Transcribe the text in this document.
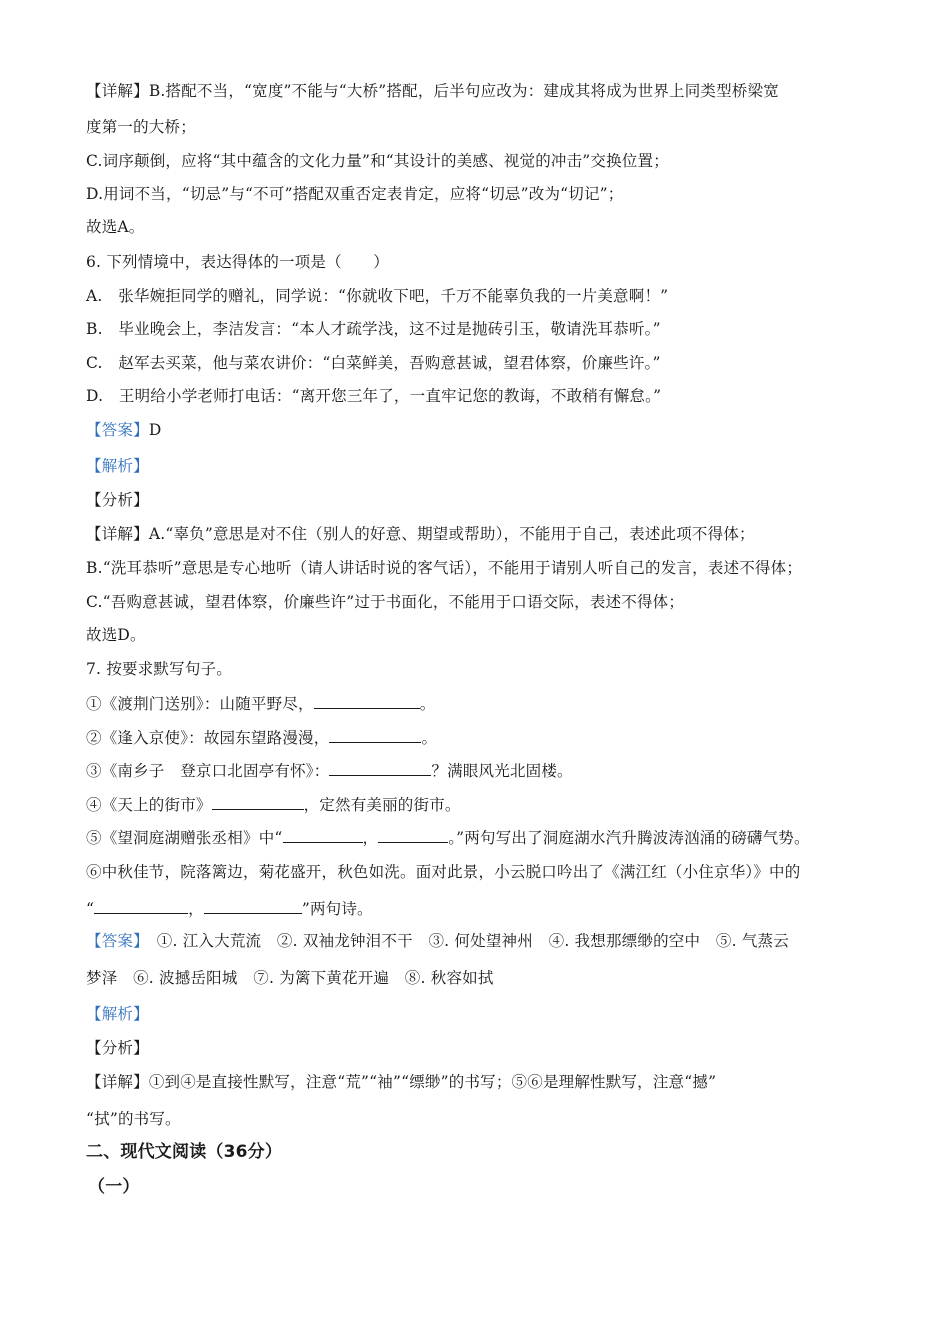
【详解】B.搭配不当，“宽度”不能与“大桥”搭配，后半句应改为：建成其将成为世界上同类型桥梁宽
度第一的大桥；
C.词序颠倒，应将“其中蕴含的文化力量”和“其设计的美感、视觉的冲击”交换位置；
D.用词不当，“切忌”与“不可”搭配双重否定表肯定，应将“切忌”改为“切记”；
故选A。
6. 下列情境中，表达得体的一项是（　　）
A.　张华婉拒同学的赠礼，同学说：“你就收下吧，千万不能辜负我的一片美意啊！”
B.　毕业晚会上，李洁发言：“本人才疏学浅，这不过是抛砖引玉，敬请洗耳恭听。”
C.　赵军去买菜，他与菜农讲价：“白菜鲜美，吾购意甚诚，望君体察，价廉些许。”
D.　王明给小学老师打电话：“离开您三年了，一直牢记您的教诲，不敢稍有懈怠。”
【答案】D
【解析】
【分析】
【详解】A.“辜负”意思是对不住（别人的好意、期望或帮助），不能用于自己，表述此项不得体；
B.“洗耳恭听”意思是专心地听（请人讲话时说的客气话），不能用于请别人听自己的发言，表述不得体；
C.“吾购意甚诚，望君体察，价廉些许”过于书面化，不能用于口语交际，表述不得体；
故选D。
7. 按要求默写句子。
①《渡荆门送别》：山随平野尽，	。
②《逢入京使》：故园东望路漫漫，	。
③《南乡子　登京口北固亭有怀》：	？满眼风光北固楼。
④《天上的街市》	，定然有美丽的街市。
⑤《望洞庭湖赠张丞相》中“	，	。”两句写出了洞庭湖水汽升腾波涛汹涌的磅礴气势。
⑥中秋佳节，院落篱边，菊花盛开，秋色如洗。面对此景，小云脱口吟出了《满江红（小住京华）》中的
“	，	”两句诗。
【答案】　①. 江入大荒流　②. 双袖龙钟泪不干　③. 何处望神州　④. 我想那缥缈的空中　⑤. 气蒸云
梦泽　⑥. 波撼岳阳城　⑦. 为篱下黄花开遍　⑧. 秋容如拭
【解析】
【分析】
【详解】①到④是直接性默写，注意“荒”“袖”“缥缈”的书写；⑤⑥是理解性默写，注意“撼”
“拭”的书写。
二、现代文阅读（36分）
（一）
